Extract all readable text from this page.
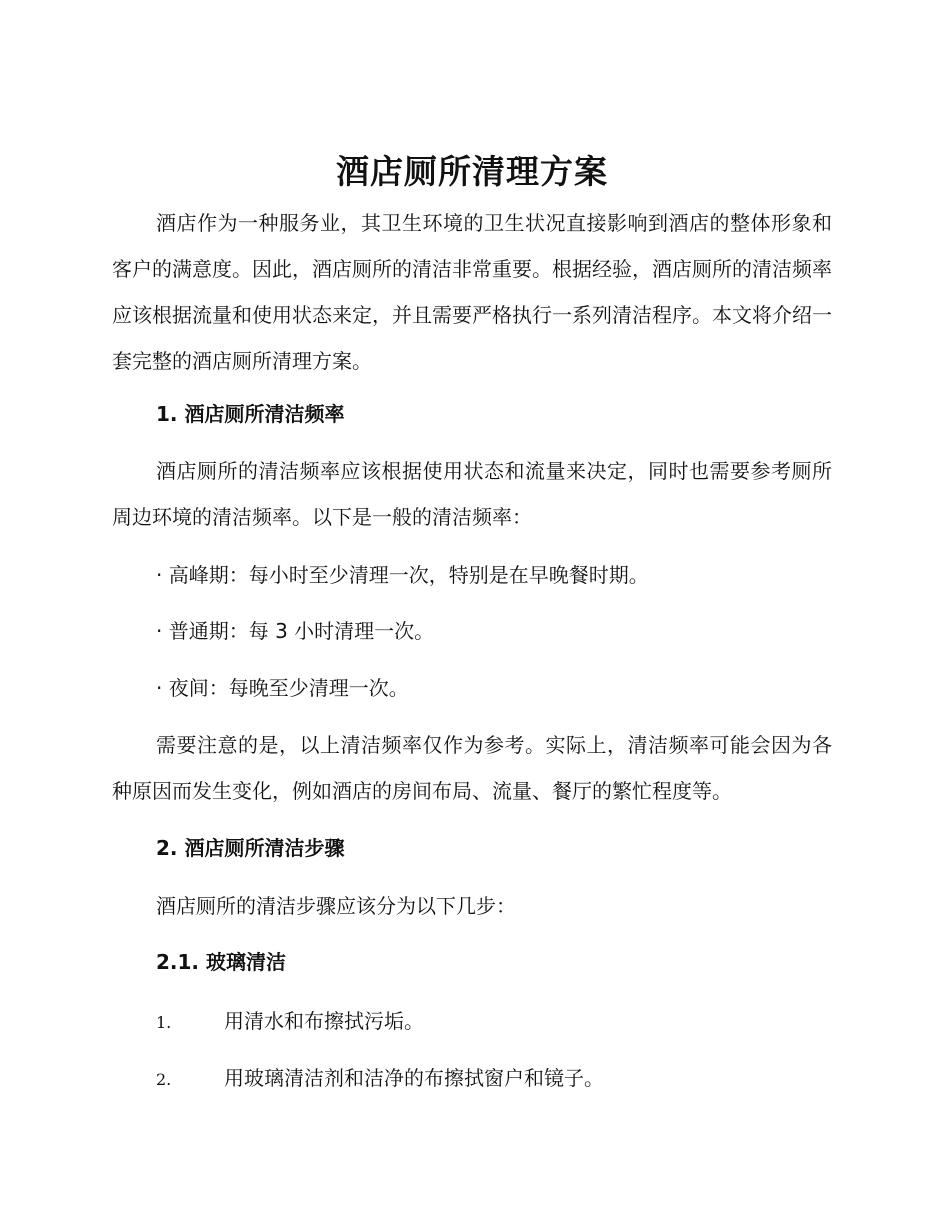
酒店厕所清理方案
酒店作为一种服务业，其卫生环境的卫生状况直接影响到酒店的整体形象和客户的满意度。因此，酒店厕所的清洁非常重要。根据经验，酒店厕所的清洁频率应该根据流量和使用状态来定，并且需要严格执行一系列清洁程序。本文将介绍一套完整的酒店厕所清理方案。
1. 酒店厕所清洁频率
酒店厕所的清洁频率应该根据使用状态和流量来决定，同时也需要参考厕所周边环境的清洁频率。以下是一般的清洁频率：
· 高峰期：每小时至少清理一次，特别是在早晚餐时期。
· 普通期：每 3 小时清理一次。
· 夜间：每晚至少清理一次。
需要注意的是，以上清洁频率仅作为参考。实际上，清洁频率可能会因为各种原因而发生变化，例如酒店的房间布局、流量、餐厅的繁忙程度等。
2. 酒店厕所清洁步骤
酒店厕所的清洁步骤应该分为以下几步：
2.1. 玻璃清洁
1.	用清水和布擦拭污垢。
2.	用玻璃清洁剂和洁净的布擦拭窗户和镜子。
